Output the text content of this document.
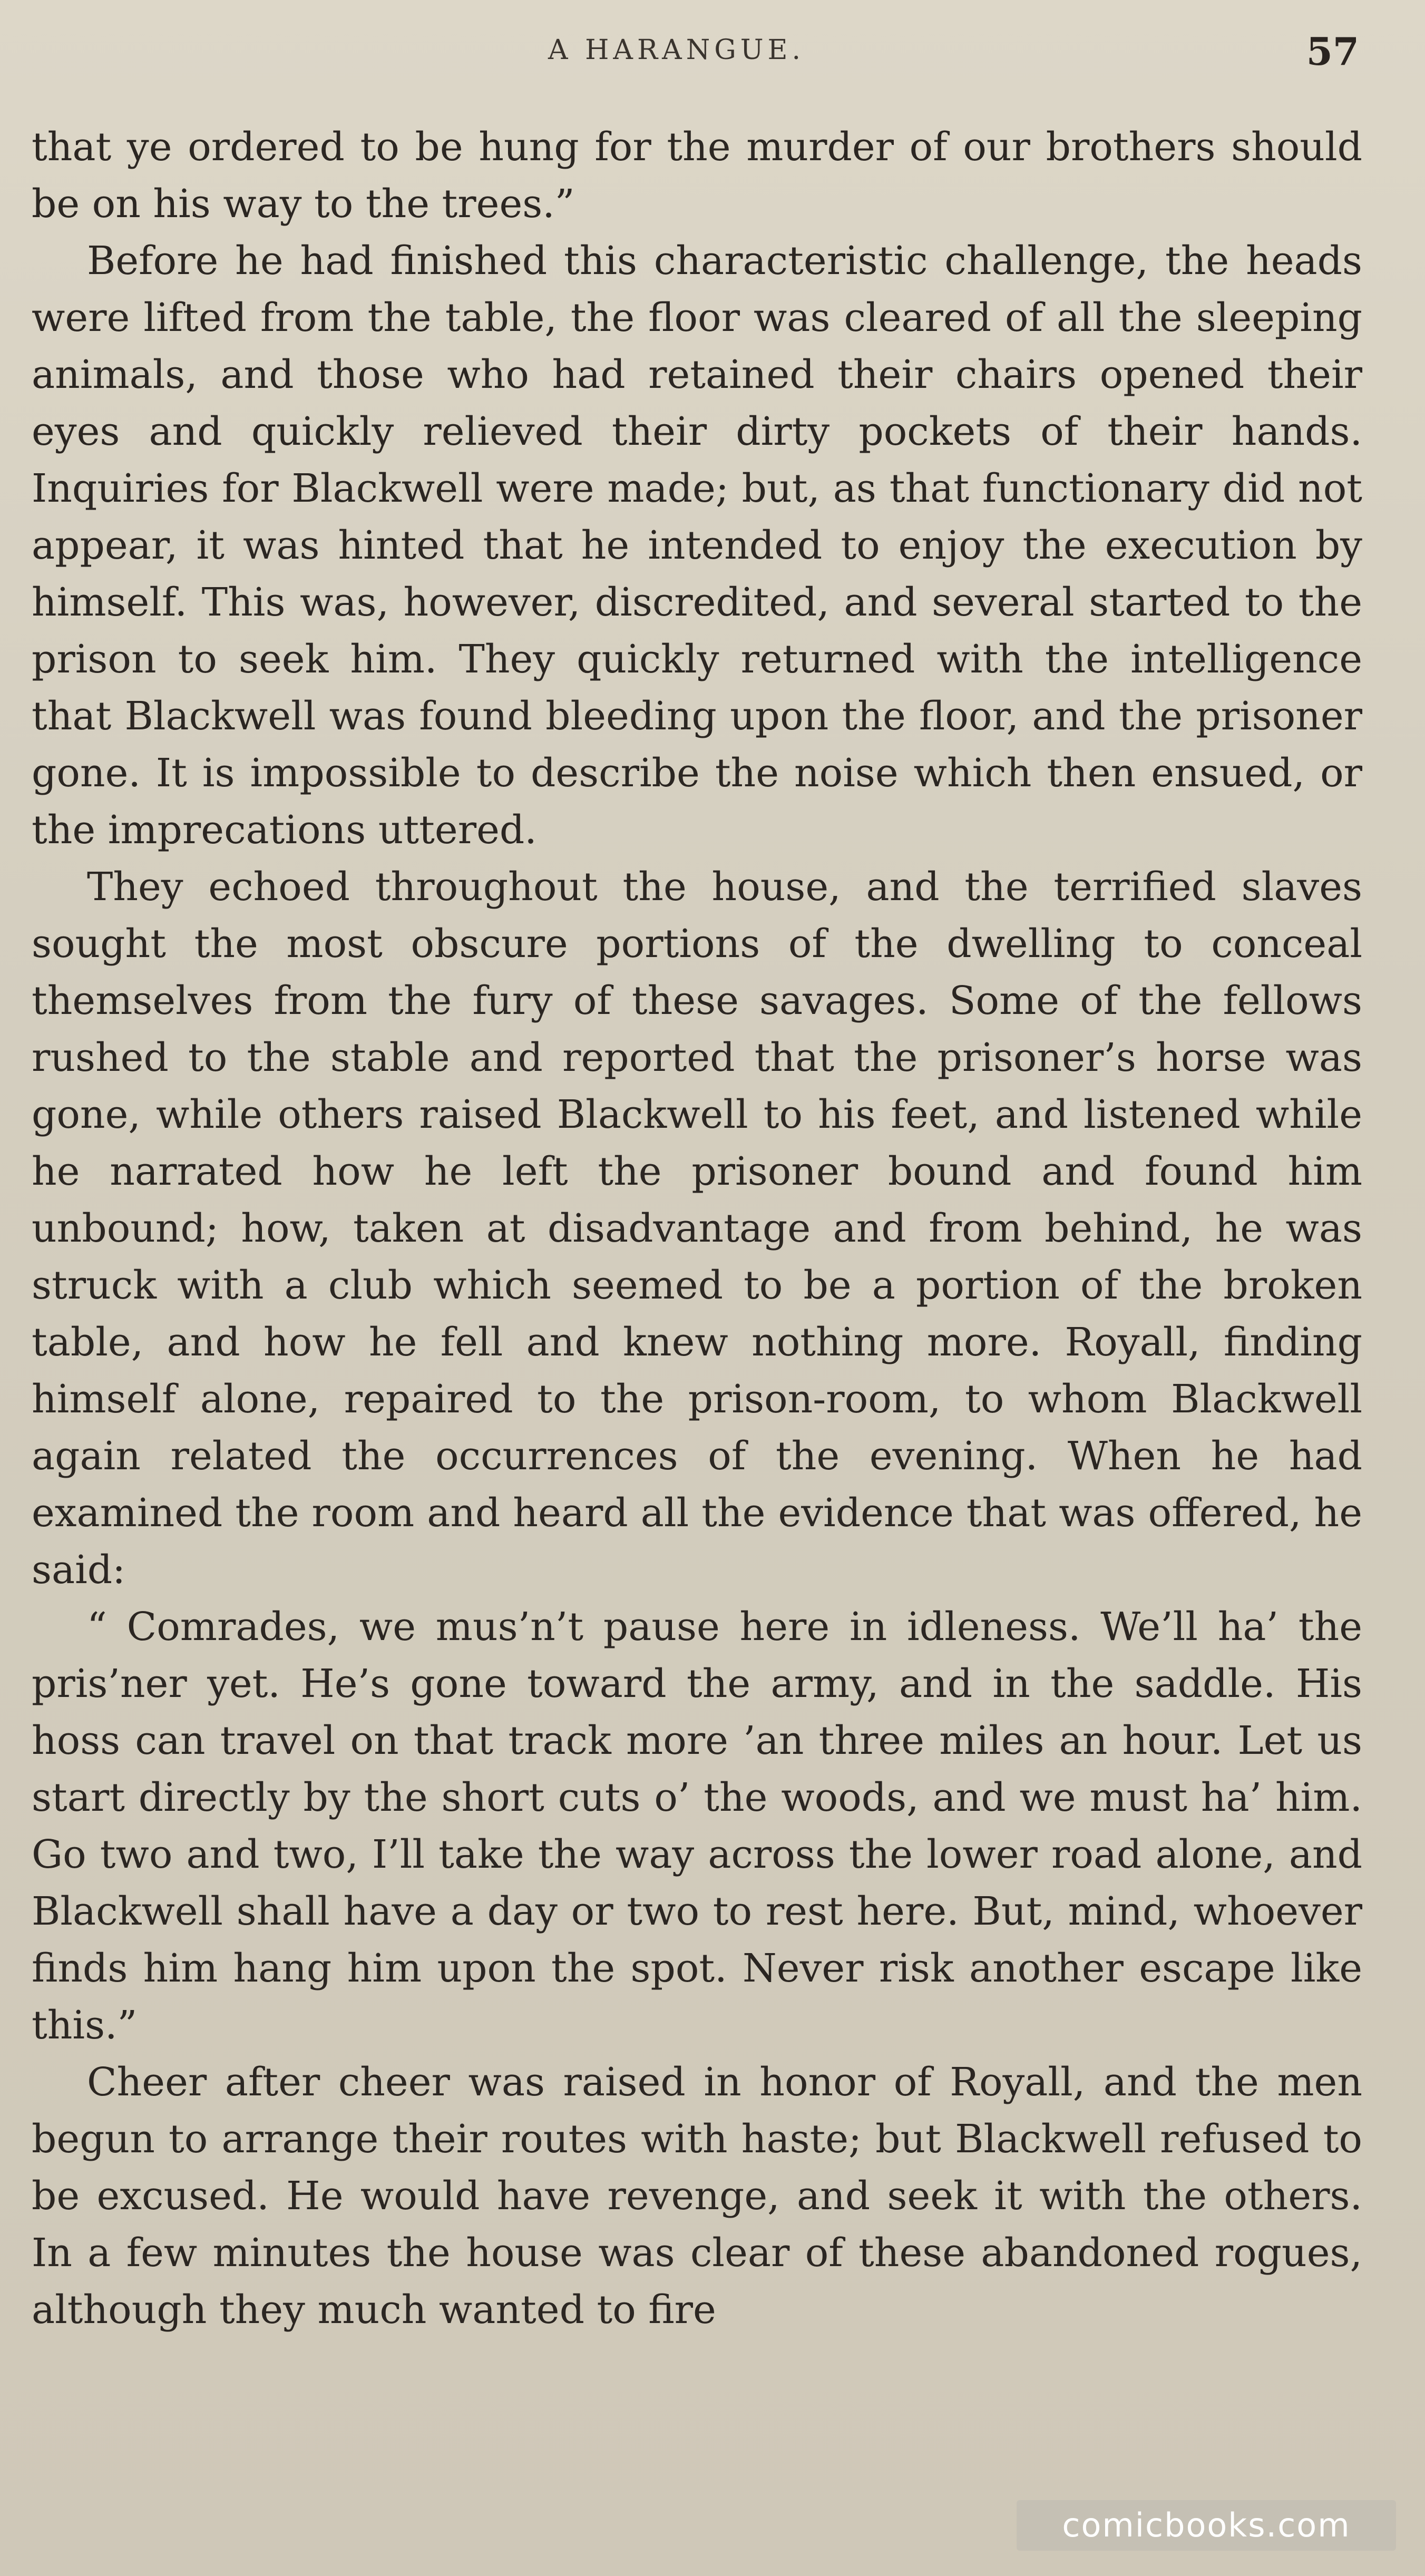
A HARANGUE.	57

that ye ordered to be hung for the murder of our brothers should be on his way to the trees.”

Before he had finished this characteristic challenge, the heads were lifted from the table, the floor was cleared of all the sleeping animals, and those who had retained their chairs opened their eyes and quickly relieved their dirty pockets of their hands. Inquiries for Blackwell were made; but, as that functionary did not appear, it was hinted that he intended to enjoy the execution by himself. This was, however, discredited, and several started to the prison to seek him. They quickly returned with the intelligence that Blackwell was found bleeding upon the floor, and the prisoner gone. It is impossible to describe the noise which then ensued, or the imprecations uttered.

They echoed throughout the house, and the terrified slaves sought the most obscure portions of the dwelling to conceal themselves from the fury of these savages. Some of the fellows rushed to the stable and reported that the prisoner’s horse was gone, while others raised Blackwell to his feet, and listened while he narrated how he left the prisoner bound and found him unbound; how, taken at disadvantage and from behind, he was struck with a club which seemed to be a portion of the broken table, and how he fell and knew nothing more. Royall, finding himself alone, repaired to the prison-room, to whom Blackwell again related the occurrences of the evening. When he had examined the room and heard all the evidence that was offered, he said:

“ Comrades, we mus’n’t pause here in idleness. We’ll ha’ the pris’ner yet. He’s gone toward the army, and in the saddle. His hoss can travel on that track more ’an three miles an hour. Let us start directly by the short cuts o’ the woods, and we must ha’ him. Go two and two, I’ll take the way across the lower road alone, and Blackwell shall have a day or two to rest here. But, mind, whoever finds him hang him upon the spot. Never risk another escape like this.”

Cheer after cheer was raised in honor of Royall, and the men begun to arrange their routes with haste; but Blackwell refused to be excused. He would have revenge, and seek it with the others. In a few minutes the house was clear of these abandoned rogues, although they much wanted to fire

comicbooks.com
